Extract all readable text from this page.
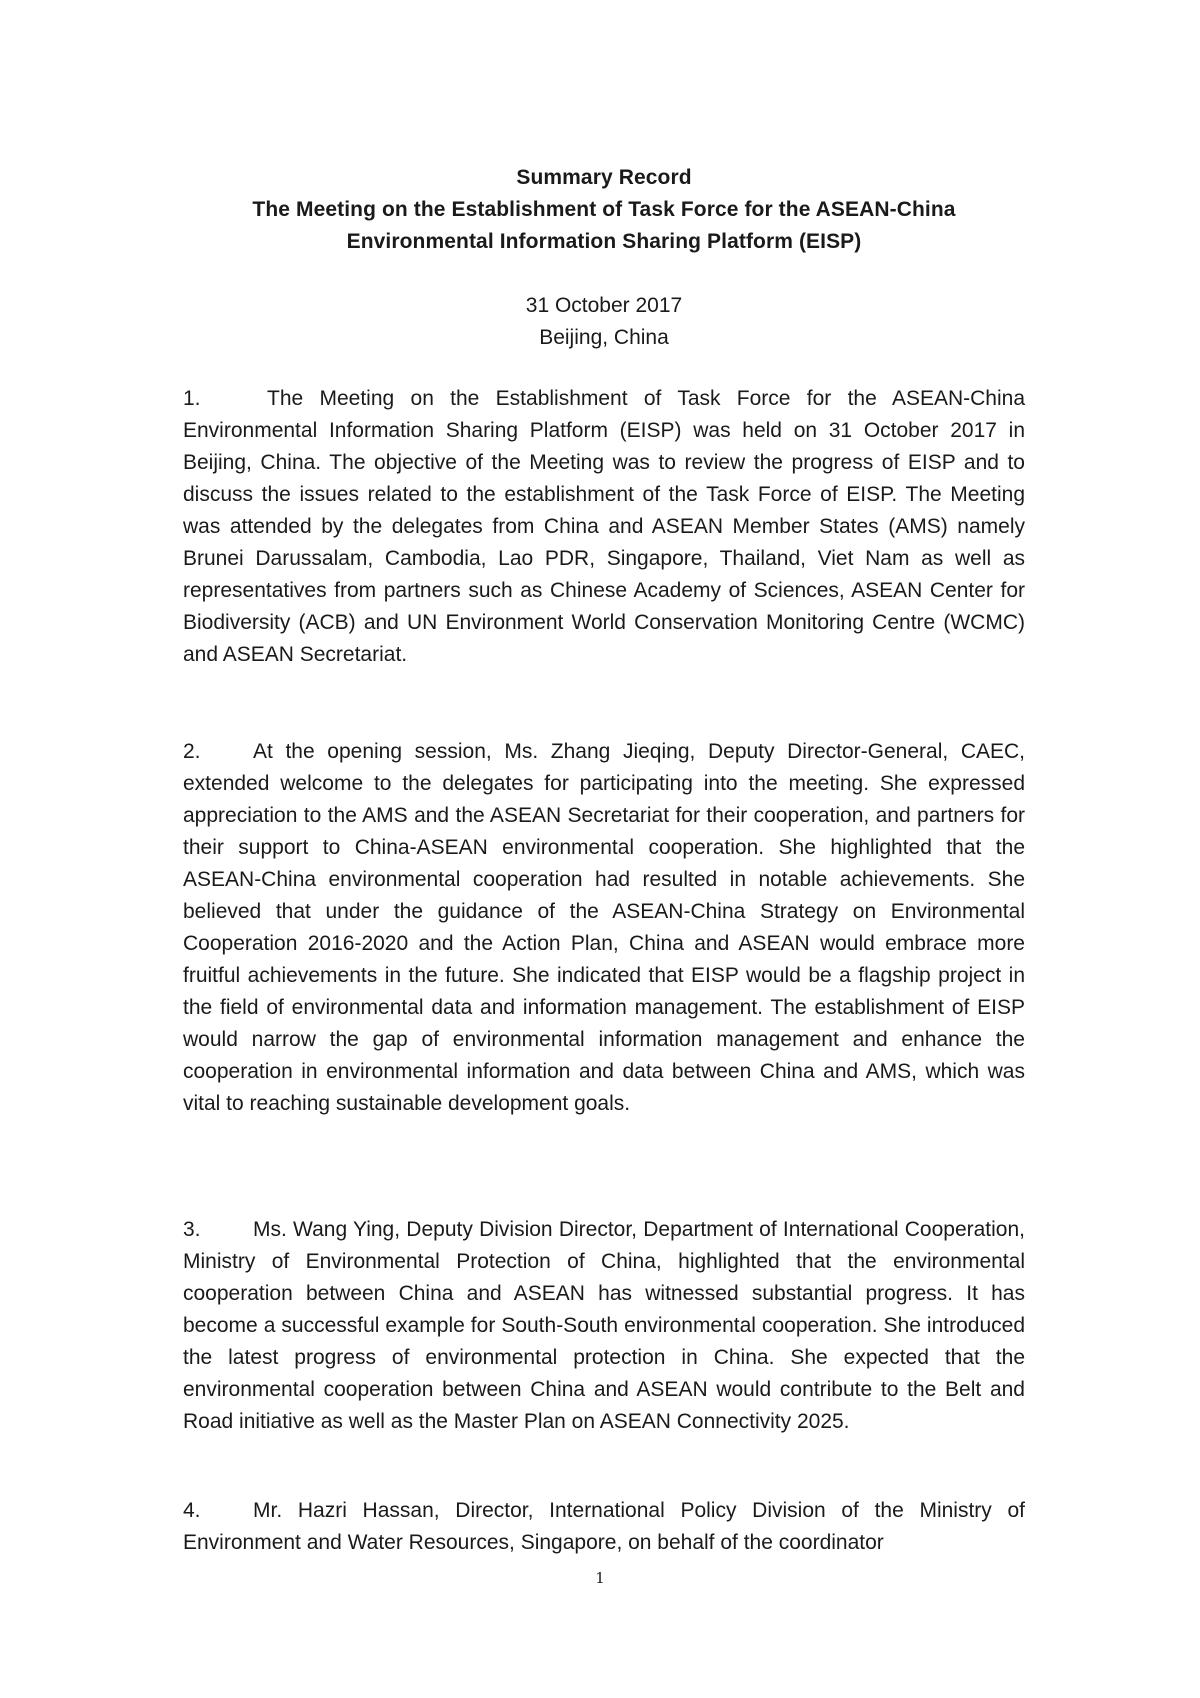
Summary Record
The Meeting on the Establishment of Task Force for the ASEAN-China
Environmental Information Sharing Platform (EISP)
31 October 2017
Beijing, China
1.	The Meeting on the Establishment of Task Force for the ASEAN-China Environmental Information Sharing Platform (EISP) was held on 31 October 2017 in Beijing, China. The objective of the Meeting was to review the progress of EISP and to discuss the issues related to the establishment of the Task Force of EISP. The Meeting was attended by the delegates from China and ASEAN Member States (AMS) namely Brunei Darussalam, Cambodia, Lao PDR, Singapore, Thailand, Viet Nam as well as representatives from partners such as Chinese Academy of Sciences, ASEAN Center for Biodiversity (ACB) and UN Environment World Conservation Monitoring Centre (WCMC) and ASEAN Secretariat.
2. At the opening session, Ms. Zhang Jieqing, Deputy Director-General, CAEC, extended welcome to the delegates for participating into the meeting. She expressed appreciation to the AMS and the ASEAN Secretariat for their cooperation, and partners for their support to China-ASEAN environmental cooperation. She highlighted that the ASEAN-China environmental cooperation had resulted in notable achievements. She believed that under the guidance of the ASEAN-China Strategy on Environmental Cooperation 2016-2020 and the Action Plan, China and ASEAN would embrace more fruitful achievements in the future. She indicated that EISP would be a flagship project in the field of environmental data and information management. The establishment of EISP would narrow the gap of environmental information management and enhance the cooperation in environmental information and data between China and AMS, which was vital to reaching sustainable development goals.
3. Ms. Wang Ying, Deputy Division Director, Department of International Cooperation, Ministry of Environmental Protection of China, highlighted that the environmental cooperation between China and ASEAN has witnessed substantial progress. It has become a successful example for South-South environmental cooperation. She introduced the latest progress of environmental protection in China. She expected that the environmental cooperation between China and ASEAN would contribute to the Belt and Road initiative as well as the Master Plan on ASEAN Connectivity 2025.
4. Mr. Hazri Hassan, Director, International Policy Division of the Ministry of Environment and Water Resources, Singapore, on behalf of the coordinator
1
